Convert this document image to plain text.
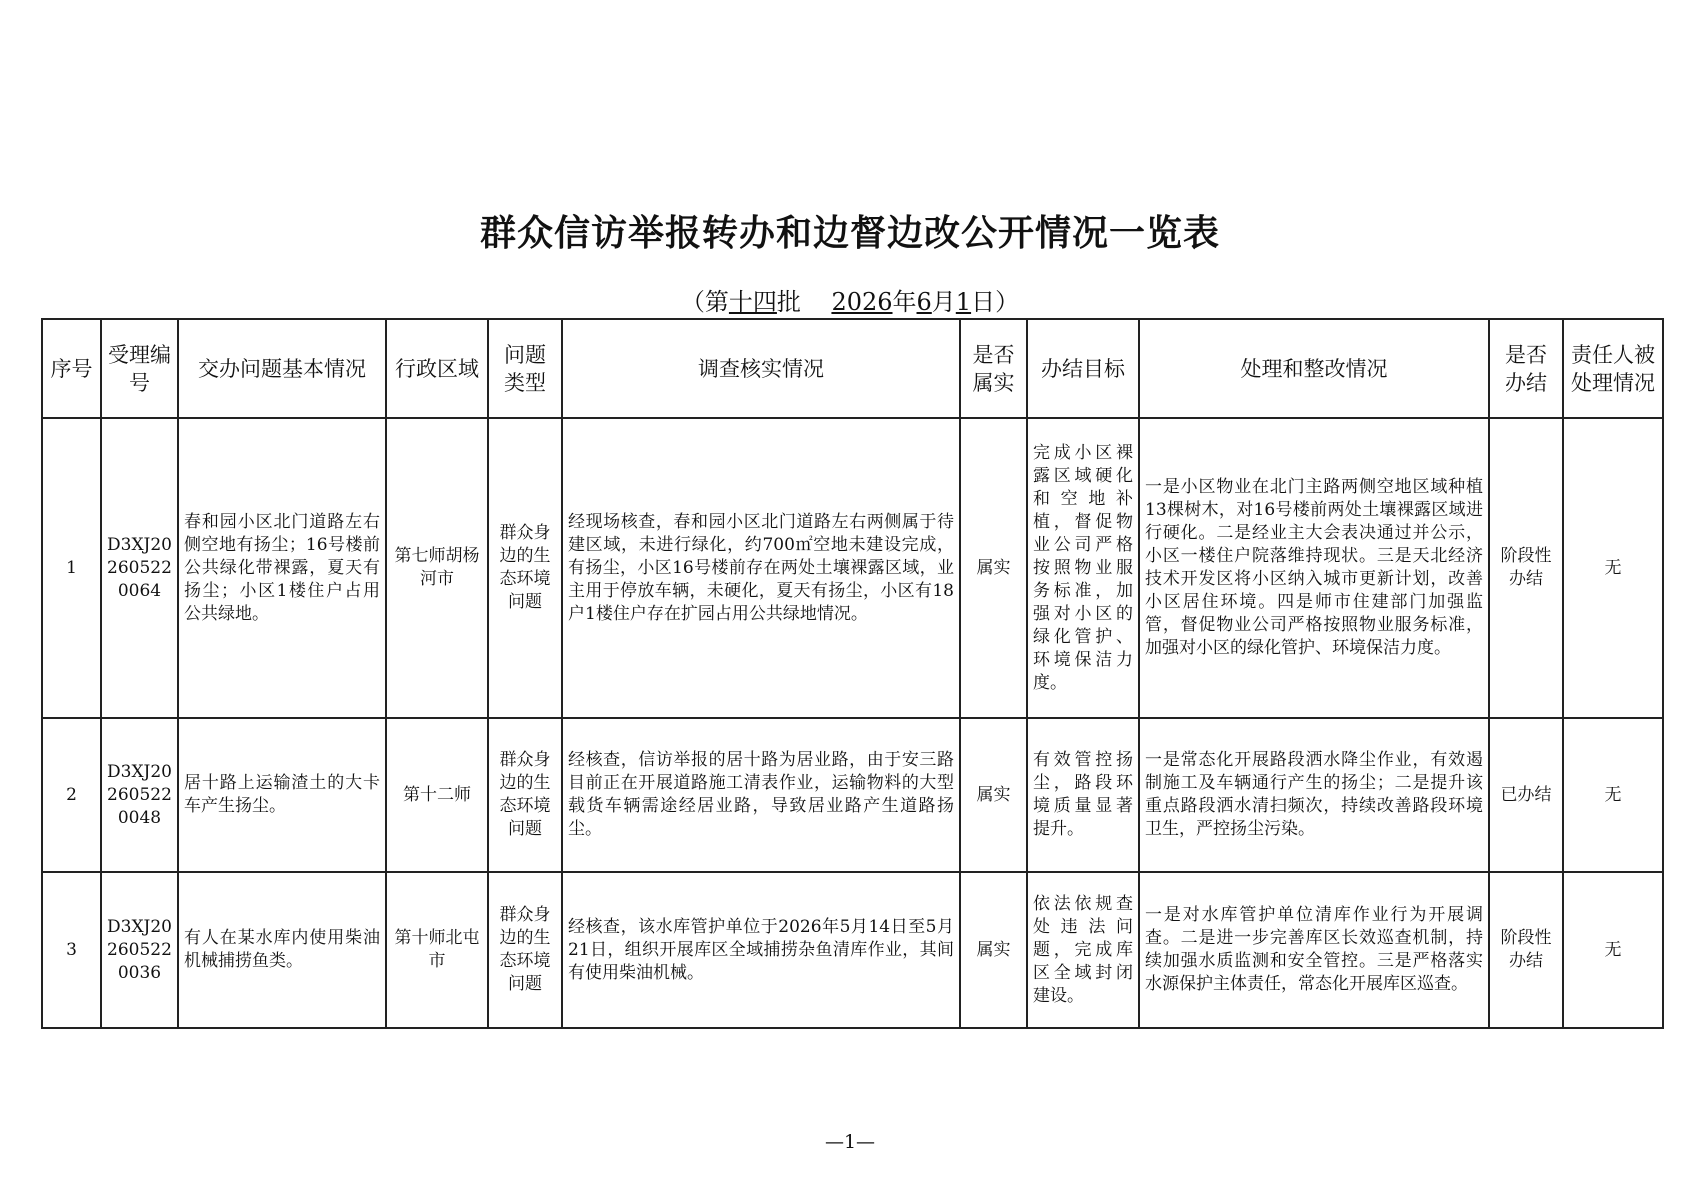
群众信访举报转办和边督边改公开情况一览表
（第十四批 2026年6月1日）
序号	受理编号	交办问题基本情况	行政区域	问题类型	调查核实情况	是否属实	办结目标	处理和整改情况	是否办结	责任人被处理情况
1	D3XJ202605220064	春和园小区北门道路左右侧空地有扬尘；16号楼前公共绿化带裸露，夏天有扬尘；小区1楼住户占用公共绿地。	第七师胡杨河市	群众身边的生态环境问题	经现场核查，春和园小区北门道路左右两侧属于待建区域，未进行绿化，约700㎡空地未建设完成，有扬尘，小区16号楼前存在两处土壤裸露区域，业主用于停放车辆，未硬化，夏天有扬尘，小区有18户1楼住户存在扩园占用公共绿地情况。	属实	完成小区裸露区域硬化和空地补植，督促物业公司严格按照物业服务标准，加强对小区的绿化管护、环境保洁力度。	一是小区物业在北门主路两侧空地区域种植13棵树木，对16号楼前两处土壤裸露区域进行硬化。二是经业主大会表决通过并公示，小区一楼住户院落维持现状。三是天北经济技术开发区将小区纳入城市更新计划，改善小区居住环境。四是师市住建部门加强监管，督促物业公司严格按照物业服务标准，加强对小区的绿化管护、环境保洁力度。	阶段性办结	无
2	D3XJ202605220048	居十路上运输渣土的大卡车产生扬尘。	第十二师	群众身边的生态环境问题	经核查，信访举报的居十路为居业路，由于安三路目前正在开展道路施工清表作业，运输物料的大型载货车辆需途经居业路，导致居业路产生道路扬尘。	属实	有效管控扬尘，路段环境质量显著提升。	一是常态化开展路段洒水降尘作业，有效遏制施工及车辆通行产生的扬尘；二是提升该重点路段洒水清扫频次，持续改善路段环境卫生，严控扬尘污染。	已办结	无
3	D3XJ202605220036	有人在某水库内使用柴油机械捕捞鱼类。	第十师北屯市	群众身边的生态环境问题	经核查，该水库管护单位于2026年5月14日至5月21日，组织开展库区全域捕捞杂鱼清库作业，其间有使用柴油机械。	属实	依法依规查处违法问题，完成库区全域封闭建设。	一是对水库管护单位清库作业行为开展调查。二是进一步完善库区长效巡查机制，持续加强水质监测和安全管控。三是严格落实水源保护主体责任，常态化开展库区巡查。	阶段性办结	无
—1—
